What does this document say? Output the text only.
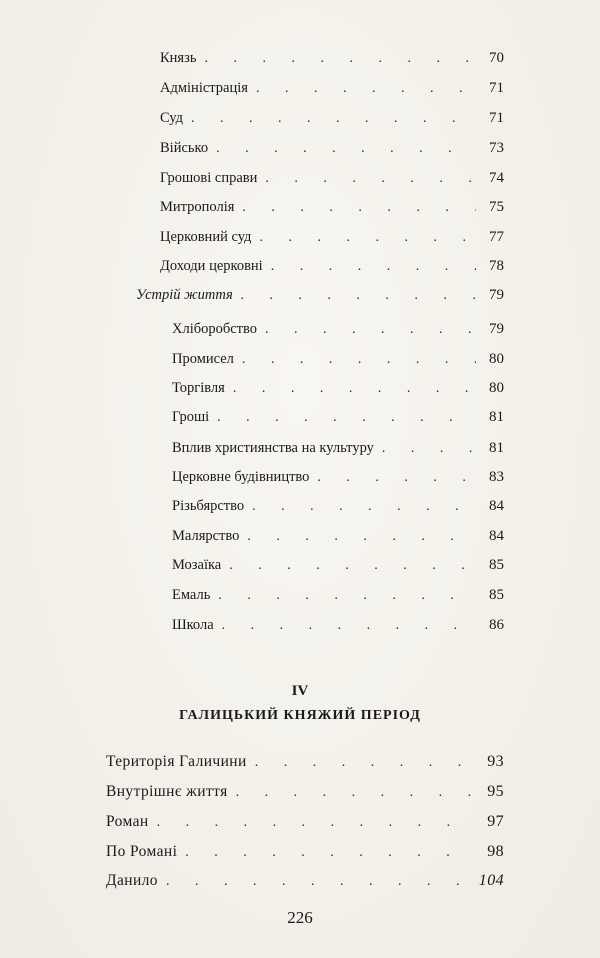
Князь . . .	70
Адміністрація . . .	71
Суд . . .	71
Військо . . .	73
Грошові справи . . .	74
Митрополія . . .	75
Церковний суд . . .	77
Доходи церковні . . .	78
Устрій життя . . .	79
Хліборобство . . .	79
Промисел . . .	80
Торгівля . . .	80
Гроші . . .	81
Вплив християнства на культуру . . .	81
Церковне будівництво . . .	83
Різьбярство . . .	84
Малярство . . .	84
Мозаїка . . .	85
Емаль . . .	85
Школа . . .	86
IV
ГАЛИЦЬКИЙ КНЯЖИЙ ПЕРІОД
Територія Галичини . . .	93
Внутрішнє життя . . .	95
Роман . . .	97
По Романі . . .	98
Данило . . .	104
226
